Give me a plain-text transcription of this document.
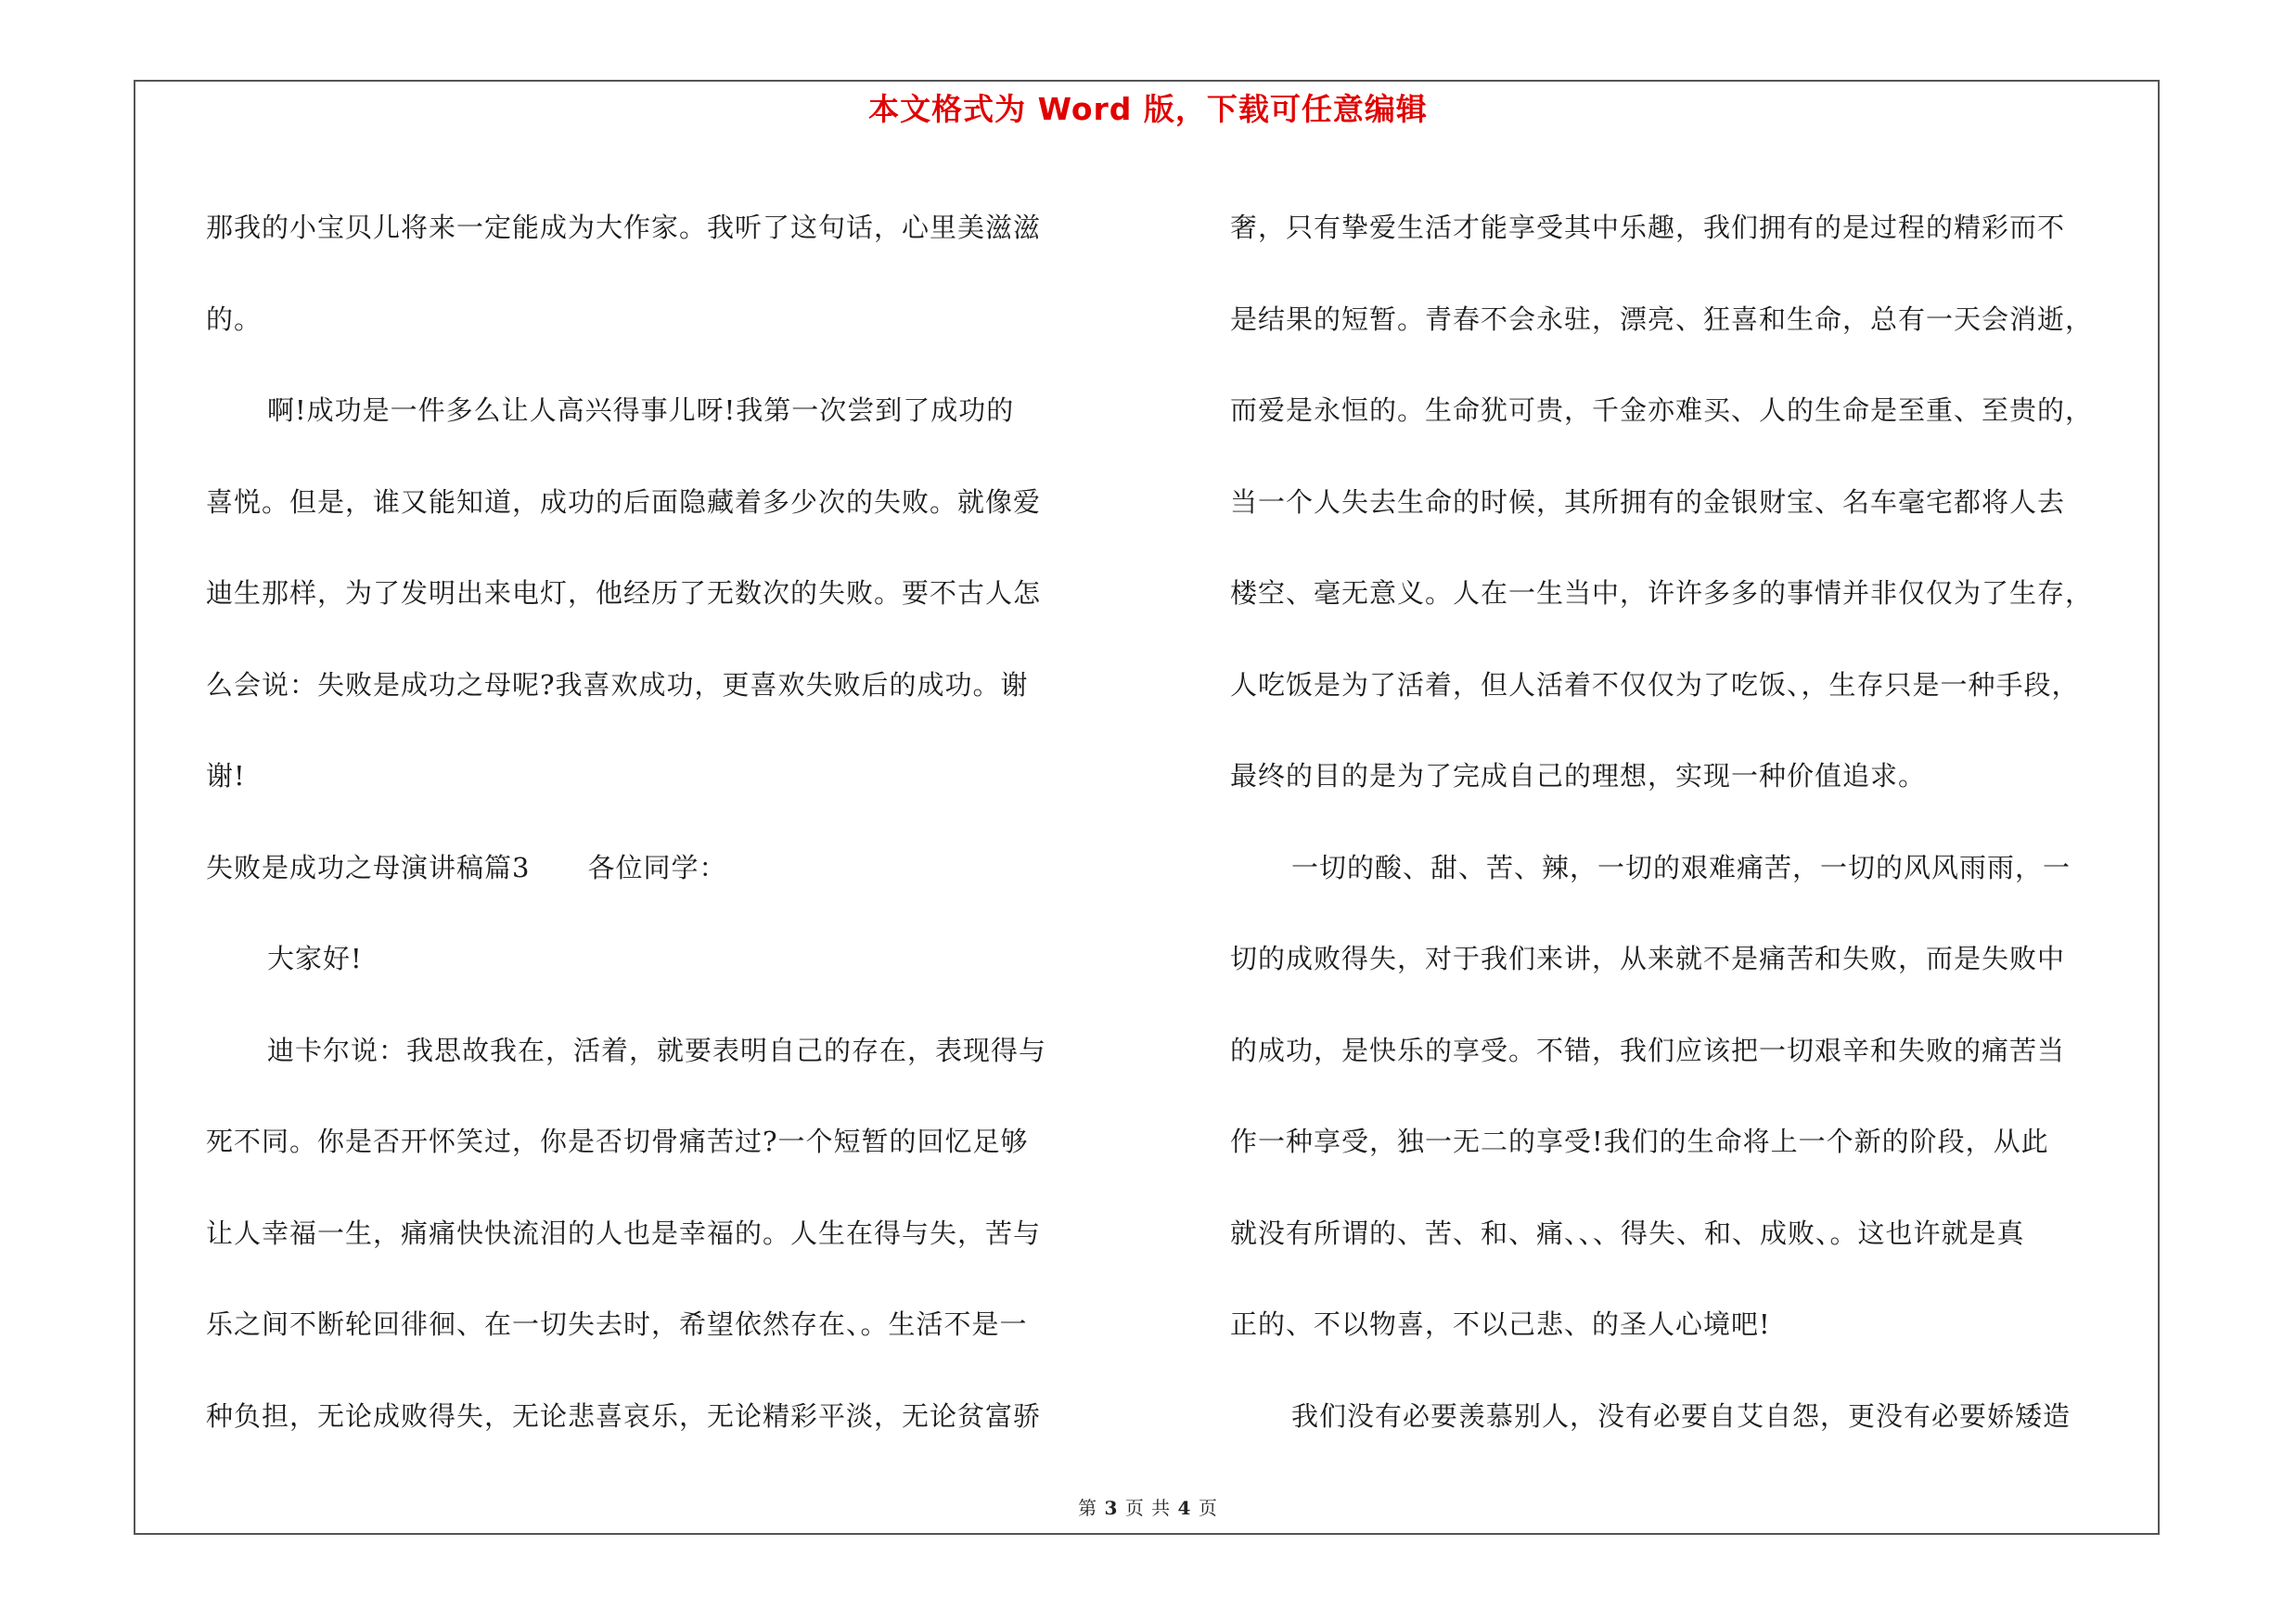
本文格式为 Word 版，下载可任意编辑
那我的小宝贝儿将来一定能成为大作家。我听了这句话，心里美滋滋
的。
啊!成功是一件多么让人高兴得事儿呀!我第一次尝到了成功的
喜悦。但是，谁又能知道，成功的后面隐藏着多少次的失败。就像爱
迪生那样，为了发明出来电灯，他经历了无数次的失败。要不古人怎
么会说：失败是成功之母呢?我喜欢成功，更喜欢失败后的成功。谢
谢!
失败是成功之母演讲稿篇3 各位同学：
大家好!
迪卡尔说：我思故我在，活着，就要表明自己的存在，表现得与
死不同。你是否开怀笑过，你是否切骨痛苦过?一个短暂的回忆足够
让人幸福一生，痛痛快快流泪的人也是幸福的。人生在得与失，苦与
乐之间不断轮回徘徊、在一切失去时，希望依然存在、。生活不是一
种负担，无论成败得失，无论悲喜哀乐，无论精彩平淡，无论贫富骄
奢，只有挚爱生活才能享受其中乐趣，我们拥有的是过程的精彩而不
是结果的短暂。青春不会永驻，漂亮、狂喜和生命，总有一天会消逝，
而爱是永恒的。生命犹可贵，千金亦难买、人的生命是至重、至贵的，
当一个人失去生命的时候，其所拥有的金银财宝、名车毫宅都将人去
楼空、毫无意义。人在一生当中，许许多多的事情并非仅仅为了生存，
人吃饭是为了活着，但人活着不仅仅为了吃饭、，生存只是一种手段，
最终的目的是为了完成自己的理想，实现一种价值追求。
一切的酸、甜、苦、辣，一切的艰难痛苦，一切的风风雨雨，一
切的成败得失，对于我们来讲，从来就不是痛苦和失败，而是失败中
的成功，是快乐的享受。不错，我们应该把一切艰辛和失败的痛苦当
作一种享受，独一无二的享受!我们的生命将上一个新的阶段，从此
就没有所谓的、苦、和、痛、、、得失、和、成败、。这也许就是真
正的、不以物喜，不以己悲、的圣人心境吧!
我们没有必要羡慕别人，没有必要自艾自怨，更没有必要娇矮造
第 3 页 共 4 页
